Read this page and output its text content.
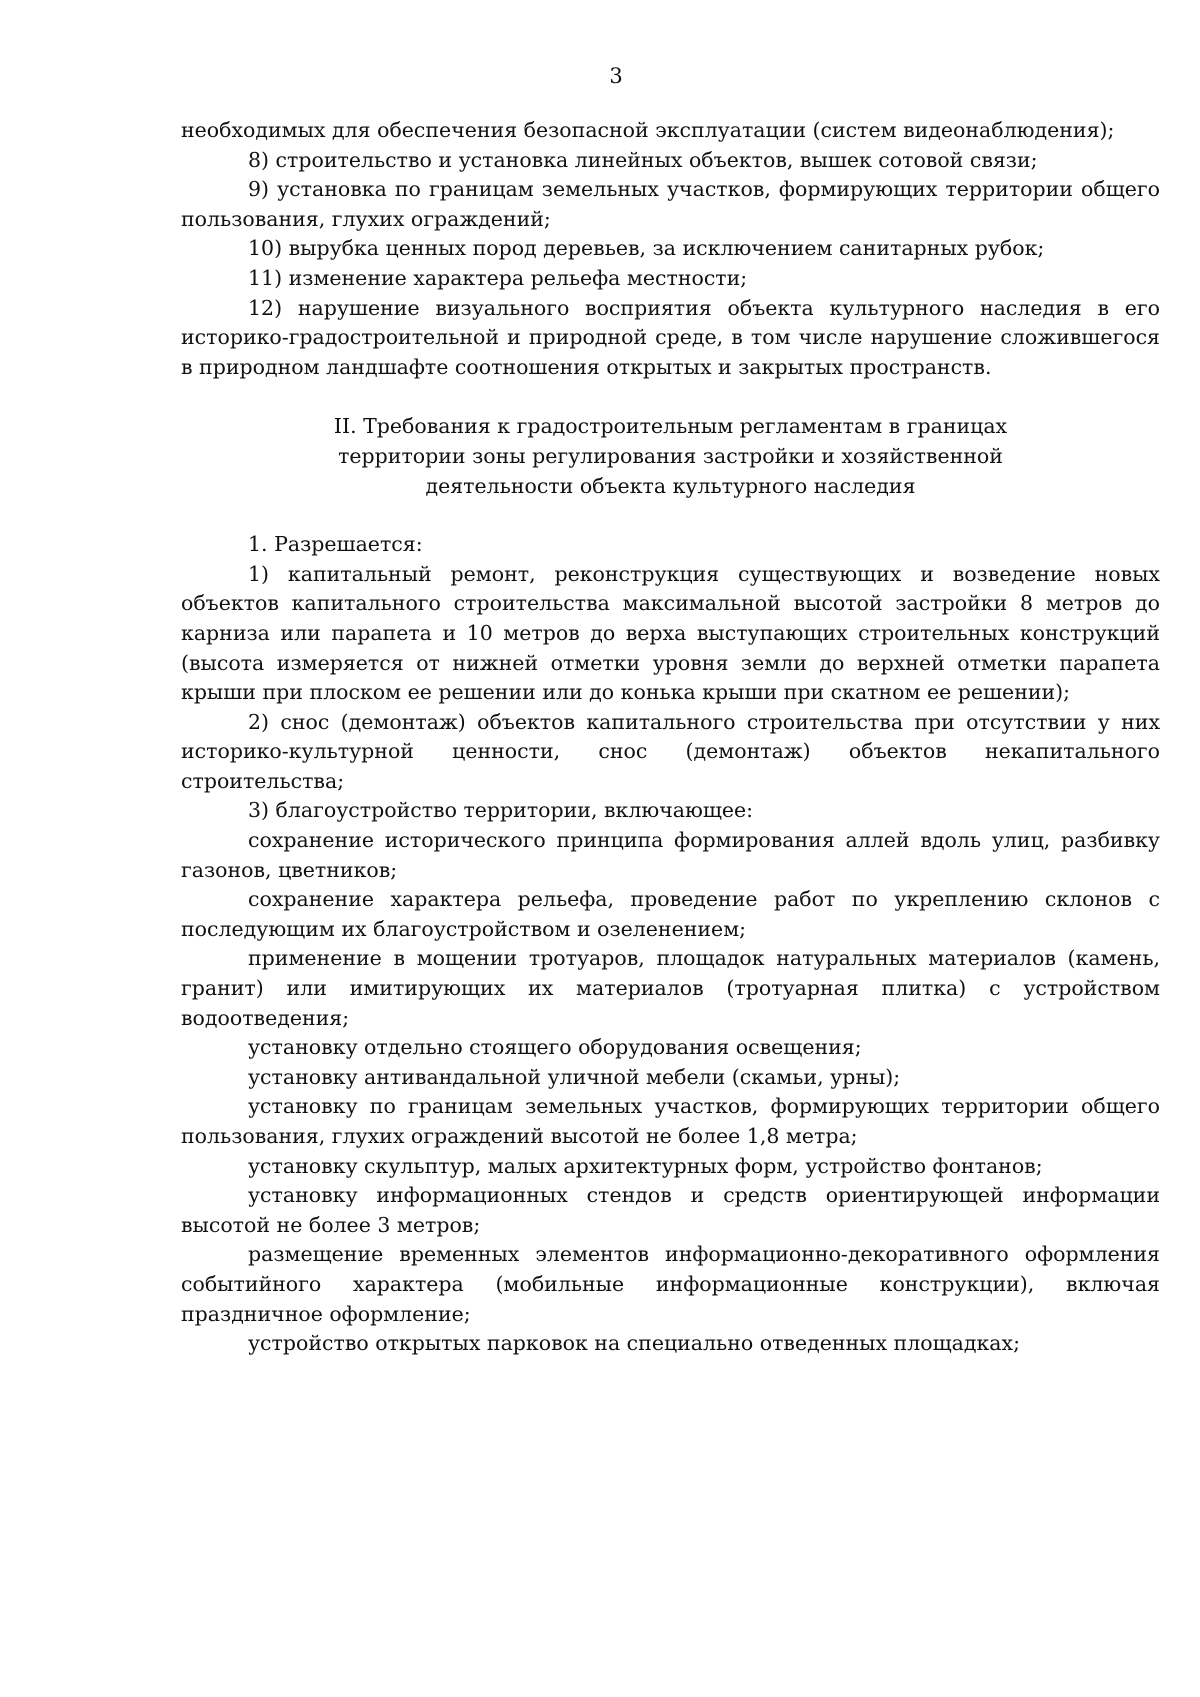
3

необходимых для обеспечения безопасной эксплуатации (систем видеонаблюдения);

8) строительство и установка линейных объектов, вышек сотовой связи;

9) установка по границам земельных участков, формирующих территории общего пользования, глухих ограждений;

10) вырубка ценных пород деревьев, за исключением санитарных рубок;

11) изменение характера рельефа местности;

12) нарушение визуального восприятия объекта культурного наследия в его историко-градостроительной и природной среде, в том числе нарушение сложившегося в природном ландшафте соотношения открытых и закрытых пространств.

II. Требования к градостроительным регламентам в границах территории зоны регулирования застройки и хозяйственной деятельности объекта культурного наследия

1. Разрешается:

1) капитальный ремонт, реконструкция существующих и возведение новых объектов капитального строительства максимальной высотой застройки 8 метров до карниза или парапета и 10 метров до верха выступающих строительных конструкций (высота измеряется от нижней отметки уровня земли до верхней отметки парапета крыши при плоском ее решении или до конька крыши при скатном ее решении);

2) снос (демонтаж) объектов капитального строительства при отсутствии у них историко-культурной ценности, снос (демонтаж) объектов некапитального строительства;

3) благоустройство территории, включающее:

сохранение исторического принципа формирования аллей вдоль улиц, разбивку газонов, цветников;

сохранение характера рельефа, проведение работ по укреплению склонов с последующим их благоустройством и озеленением;

применение в мощении тротуаров, площадок натуральных материалов (камень, гранит) или имитирующих их материалов (тротуарная плитка) с устройством водоотведения;

установку отдельно стоящего оборудования освещения;

установку антивандальной уличной мебели (скамьи, урны);

установку по границам земельных участков, формирующих территории общего пользования, глухих ограждений высотой не более 1,8 метра;

установку скульптур, малых архитектурных форм, устройство фонтанов;

установку информационных стендов и средств ориентирующей информации высотой не более 3 метров;

размещение временных элементов информационно-декоративного оформления событийного характера (мобильные информационные конструкции), включая праздничное оформление;

устройство открытых парковок на специально отведенных площадках;
